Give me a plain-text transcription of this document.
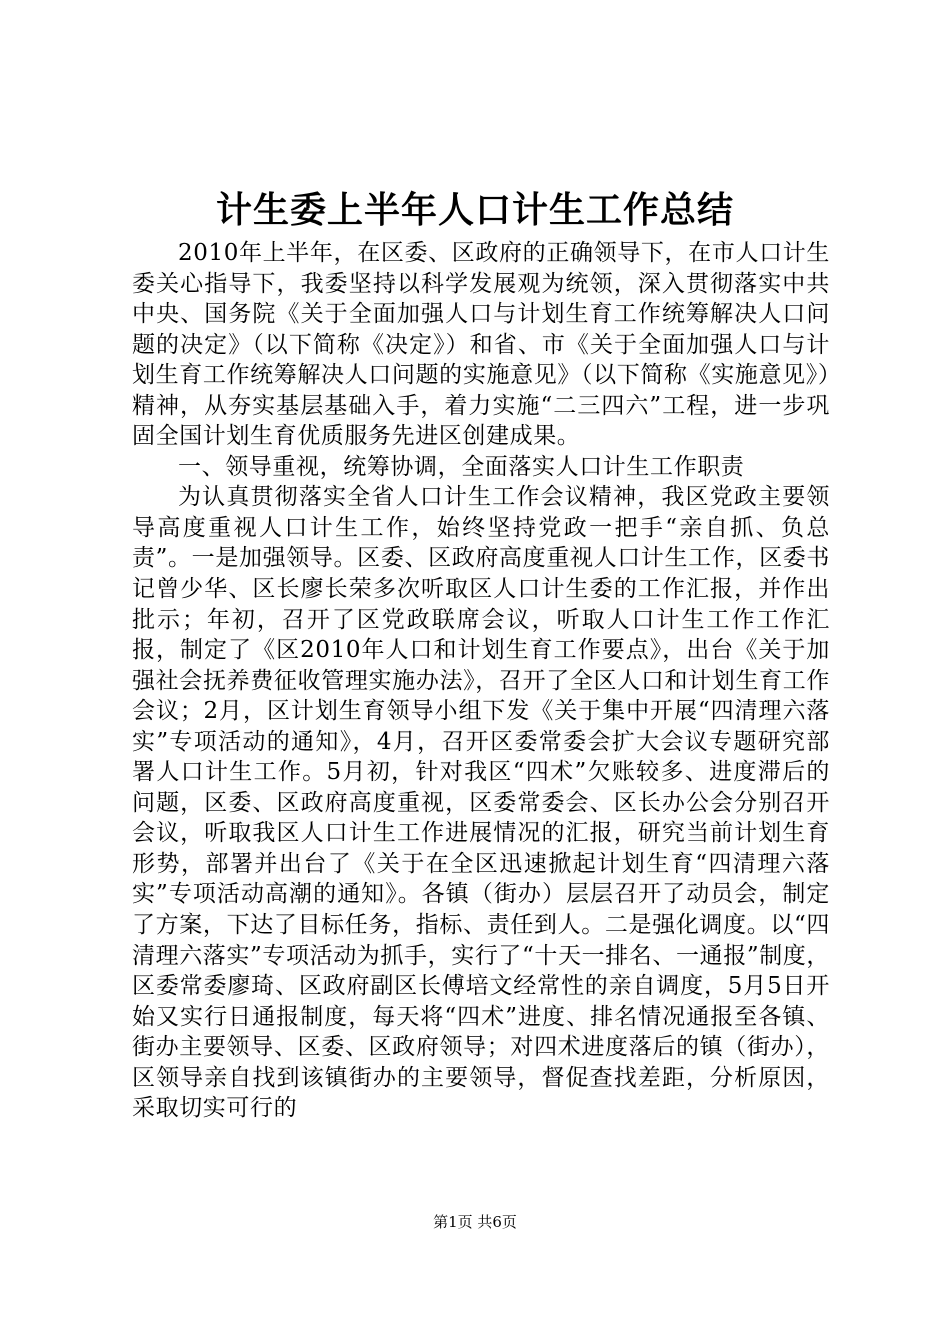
计生委上半年人口计生工作总结

2010年上半年，在区委、区政府的正确领导下，在市人口计生委关心指导下，我委坚持以科学发展观为统领，深入贯彻落实中共中央、国务院《关于全面加强人口与计划生育工作统筹解决人口问题的决定》（以下简称《决定》）和省、市《关于全面加强人口与计划生育工作统筹解决人口问题的实施意见》（以下简称《实施意见》）精神，从夯实基层基础入手，着力实施“二三四六”工程，进一步巩固全国计划生育优质服务先进区创建成果。

一、领导重视，统筹协调，全面落实人口计生工作职责

为认真贯彻落实全省人口计生工作会议精神，我区党政主要领导高度重视人口计生工作，始终坚持党政一把手“亲自抓、负总责”。一是加强领导。区委、区政府高度重视人口计生工作，区委书记曾少华、区长廖长荣多次听取区人口计生委的工作汇报，并作出批示；年初，召开了区党政联席会议，听取人口计生工作工作汇报，制定了《区2010年人口和计划生育工作要点》，出台《关于加强社会抚养费征收管理实施办法》，召开了全区人口和计划生育工作会议；2月，区计划生育领导小组下发《关于集中开展“四清理六落实”专项活动的通知》，4月，召开区委常委会扩大会议专题研究部署人口计生工作。5月初，针对我区“四术”欠账较多、进度滞后的问题，区委、区政府高度重视，区委常委会、区长办公会分别召开会议，听取我区人口计生工作进展情况的汇报，研究当前计划生育形势，部署并出台了《关于在全区迅速掀起计划生育“四清理六落实”专项活动高潮的通知》。各镇（街办）层层召开了动员会，制定了方案，下达了目标任务，指标、责任到人。二是强化调度。以“四清理六落实”专项活动为抓手，实行了“十天一排名、一通报”制度，区委常委廖琦、区政府副区长傅培文经常性的亲自调度，5月5日开始又实行日通报制度，每天将“四术”进度、排名情况通报至各镇、街办主要领导、区委、区政府领导；对四术进度落后的镇（街办），区领导亲自找到该镇街办的主要领导，督促查找差距，分析原因，采取切实可行的

第1页 共6页
